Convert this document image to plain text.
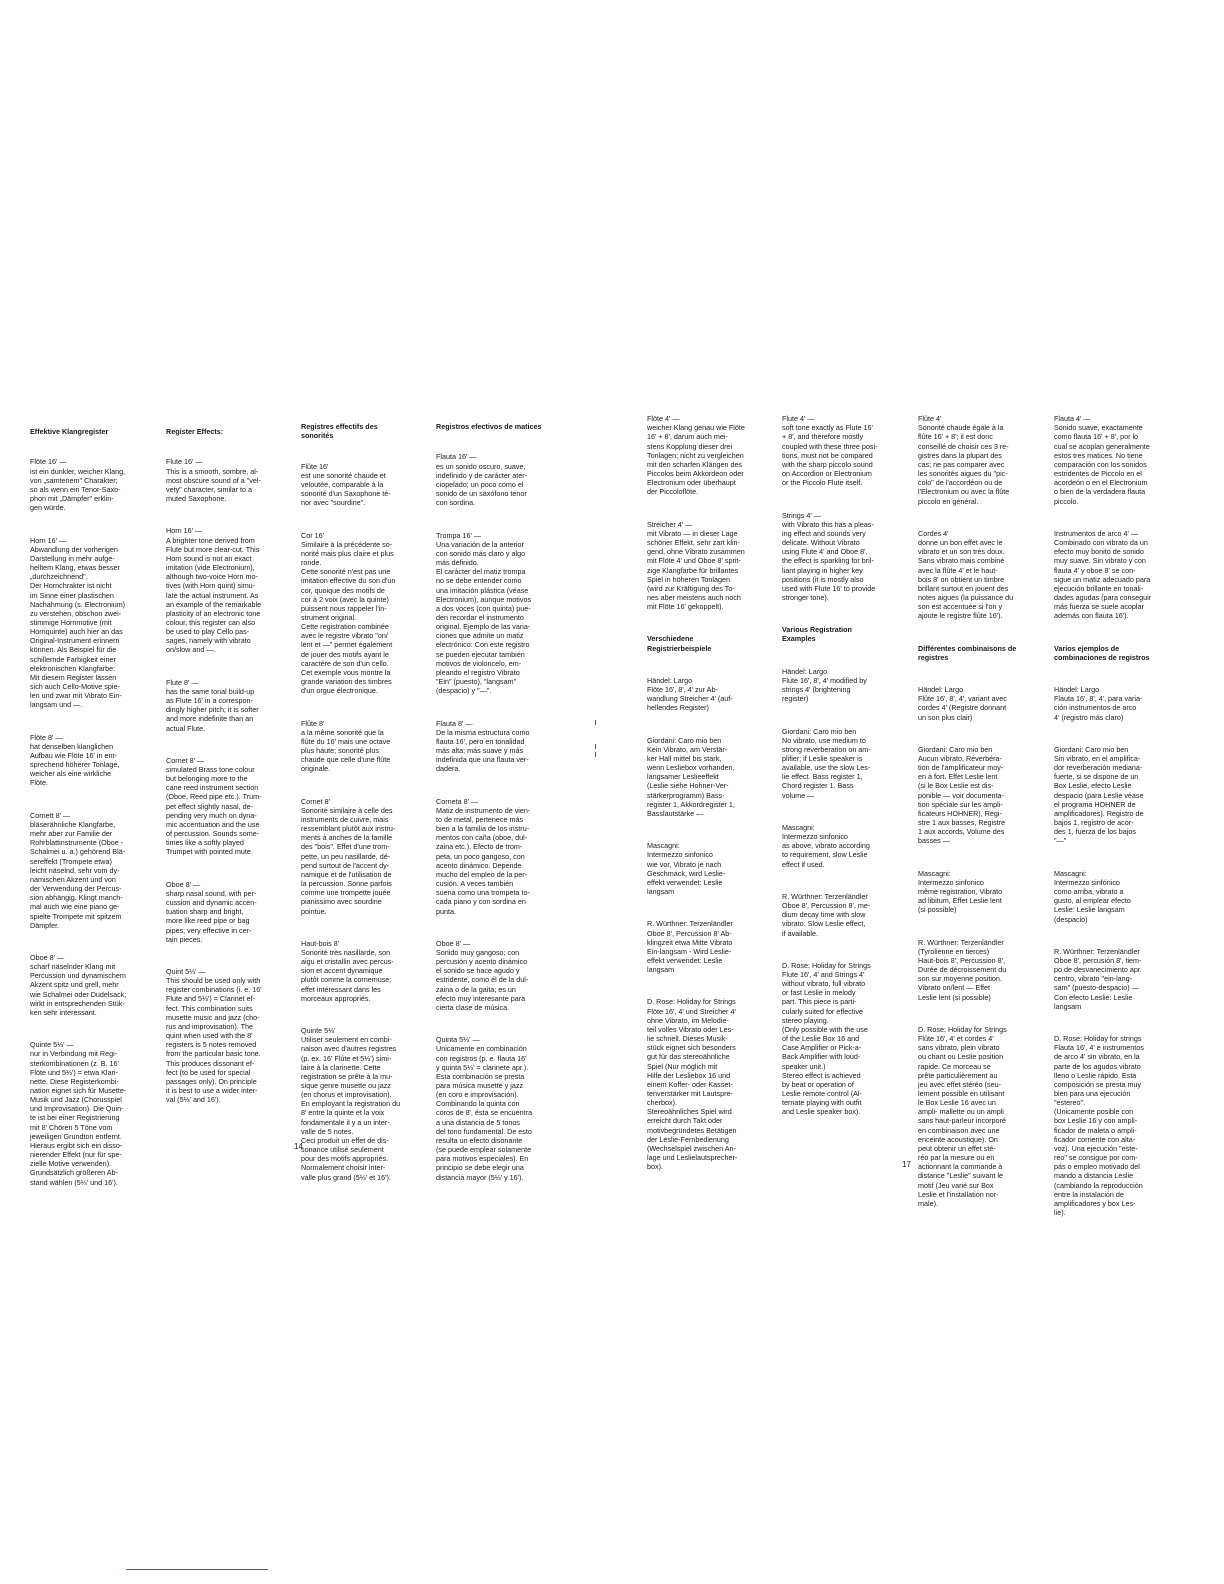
Effektive Klangregister

Flöte 16' —
ist ein dunkler, weicher Klang,
von „samtenem" Charakter;
so als wenn ein Tenor-Saxo-
phon mit „Dämpfer" erklin-
gen würde.

Horn 16' —
Abwandlung der vorherigen
Darstellung in mehr aufge-
helltem Klang, etwas besser
„durchzeichnend".
Der Hornchrakter ist nicht
im Sinne einer plastischen
Nachahmung (s. Electronium)
zu verstehen, obschon zwei-
stimmige Hornmotive (mit
Hornquinte) auch hier an das
Original-Instrument erinnern
können. Als Beispiel für die
schillernde Farbigkeit einer
elektronischen Klangfarbe:
Mit diesem Register lassen
sich auch Cello-Motive spie-
len und zwar mit Vibrato Ein-
langsam und —.

Flöte 8' —
hat denselben klanglichen
Aufbau wie Flöte 16' in ent-
sprechend höherer Tonlage,
weicher als eine wirkliche
Flöte.

Cornett 8' —
bläserähnliche Klangfarbe,
mehr aber zur Familie der
Rohrblattinstrumente (Oboe -
Schalmei u. a.) gehörend Blä-
sereffekt (Trompete etwa)
leicht näselnd, sehr vom dy-
namischen Akzent und von
der Verwendung der Percus-
sion abhängig. Klingt manch-
mal auch wie eine piano ge-
spielte Trompete mit spitzem
Dämpfer.

Oboe 8' —
scharf näselnder Klang mit
Percussion und dynamischem
Akzent spitz und grell, mehr
wie Schalmei oder Dudelsack;
wirkt in entsprechenden Stük-
ken sehr interessant.

Quinte 5⅓' —
nur in Verbindung mit Regi-
sterkombinationen (z. B. 16'
Flöte und 5⅓') = etwa Klari-
nette. Diese Registerkombi-
nation eignet sich für Musette-
Musik und Jazz (Chorusspiel
und Improvisation). Die Quin-
te ist bei einer Registrierung
mit 8' Chören 5 Töne vom
jeweiligen Grundton entfernt.
Hieraus ergibt sich ein disso-
nierender Effekt (nur für spe-
zielle Motive verwenden).
Grundsätzlich größeren Ab-
stand wählen (5⅓' und 16').

Register Effects:

Flute 16' —
This is a smooth, sombre, al-
most obscure sound of a "vel-
vety" character, similar to a
muted Saxophone.

Horn 16' —
A brighter tone derived from
Flute but more clear-cut. This
Horn sound is not an exact
imitation (vide Electronium),
although two-voice Horn mo-
tives (with Horn quint) simu-
late the actual instrument. As
an example of the remarkable
plasticity of an electronic tone
colour, this register can also
be used to play Cello pas-
sages, namely with vibrato
on/slow and —.

Flute 8' —
has the same tonal build-up
as Flute 16' in a correspon-
dingly higher pitch; it is softer
and more indefinite than an
actual Flute.

Cornet 8' —
simulated Brass tone colour
but belonging more to the
cane reed instrument section
(Oboe, Reed pipe etc.). Trum-
pet effect slightly nasal, de-
pending very much on dyna-
mic accentuation and the use
of percussion. Sounds some-
times like a softly played
Trumpet with pointed mute.

Oboe 8' —
sharp nasal sound, with per-
cussion and dynamic accen-
tuation sharp and bright,
more like reed pipe or bag
pipes; very effective in cer-
tain pieces.

Quint 5⅓' —
This should be used only with
register combinations (i. e. 16'
Flute and 5⅓') = Clarinet ef-
fect. This combination suits
musette music and jazz (cho-
rus and improvisation). The
quint when used with the 8'
registers is 5 notes removed
from the particular basic tone.
This produces dissonant ef-
fect (to be used for special
passages only). On principle
it is best to use a wider inter-
val (5⅓' and 16').

Registres effectifs des
sonorités

Flûte 16'
est une sonorité chaude et
veloutée, comparable à la
sonorité d'un Saxophone té-
nor avec "sourdine".

Cor 16'
Similaire à la précédente so-
norité mais plus claire et plus
ronde.
Cette sonorité n'est pas une
imitation effective du son d'un
cor, quoique des motifs de
cor à 2 voix (avec la quinte)
puissent nous rappeler l'in-
strument original.
Cette registration combinée
avec le registre vibrato "on/
lent et —" permet également
de jouer des motifs ayant le
caractère de son d'un cello.
Cet exemple vous montre la
grande variation des timbres
d'un orgue électronique.

Flûte 8'
a la même sonorité que la
flûte du 16' mais une octave
plus haute; sonorité plus
chaude que celle d'une flûte
originale.

Cornet 8'
Sonorité similaire à celle des
instruments de cuivre, mais
ressemblant plutôt aux instru-
ments à anches de la famille
des "bois". Effet d'une trom-
pette, un peu nasillarde, dé-
pend surtout de l'accent dy-
namique et de l'utilisation de
la percussion. Sonne parfois
comme une trompette jouée
pianissimo avec sourdine
pointue.

Haut-bois 8'
Sonorité très nasillarde, son
aigu et cristallin avec percus-
sion et accent dynamique
plutôt comme la cornemuse;
effet intéressant dans les
morceaux appropriés.

Quinte 5⅓'
Utiliser seulement en combi-
naison avec d'autres registres
(p. ex. 16' Flûte et 5⅓') simi-
laire à la clarinette. Cette
registration se prête à la mu-
sique genre musette ou jazz
(en chorus et improvisation).
En employant la registration du
8' entre la quinte et la voix
fondamentale il y a un inter-
valle de 5 notes.
Ceci produit un effet de dis-
sonance utilisé seulement
pour des motifs appropriés.
Normalement choisir inter-
valle plus grand (5⅓' et 16').

Registros efectivos de matices

Flauta 16' —
es un sonido oscuro, suave,
indefinido y de carácter ater-
ciopelado; un poco como el
sonido de un saxófono tenor
con sordina.

Trompa 16' —
Una variación de la anterior
con sonido más claro y algo
más definido.
El carácter del matiz trompa
no se debe entender como
una imitación plástica (véase
Electronium), aunque motivos
a dos voces (con quinta) pue-
den recordar el instrumento
original. Ejemplo de las varia-
ciones que admite un matiz
electrónico: Con este registro
se pueden ejecutar también
motivos de violoncelo, em-
pleando el registro Vibrato
"Ein" (puesto), "langsam"
(despacio) y "—".

Flauta 8' —
De la misma estructura como
flauta 16', pero en tonalidad
más alta; más suave y más
indefinida que una flauta ver-
dadera.

Corneta 8' —
Matiz de instrumento de vien-
to de metal, pertenece más
bien a la familia de los instru-
mentos con caña (oboe, dul-
zaina etc.). Efecto de trom-
peta, un poco gangoso, con
acento dinámico. Depende
mucho del empleo de la per-
cusión. A veces también
suena como una trompeta to-
cada piano y con sordina en
punta.

Oboe 8' —
Sonido muy gangoso; con
percusión y acento dinámico
el sonido se hace agudo y
estridente, como él de la dul-
zaina o de la gaita; es un
efecto muy interesante para
cierta clase de música.

Quinta 5⅓' —
Unicamente en combinación
con registros (p. e. flauta 16'
y quinta 5⅓' = clarinete apr.).
Esta combinación se presta
para música musette y jazz
(en coro e improvisación).
Combinando la quinta con
coros de 8', ésta se encuentra
a una distancia de 5 tonos
del tono fundamental. De esto
resulta un efecto disonante
(se puede emplear solamente
para motivos especiales). En
principio se debe elegir una
distancia mayor (5⅓' y 16').

14

Flöte 4' —
weicher Klang genau wie Flöte
16' + 8', darum auch mei-
stens Kopplung dieser drei
Tonlagen; nicht zu vergleichen
mit den scharfen Klängen des
Piccolos beim Akkordeon oder
Electronium oder überhaupt
der Piccoloflöte.

Streicher 4' —
mit Vibrato — in dieser Lage
schöner Effekt, sehr zart klin-
gend, ohne Vibrato zusammen
mit Flöte 4' und Oboe 8' sprit-
zige Klangfarbe für brillantes
Spiel in höheren Tonlagen
(wird zur Kräftigung des To-
nes aber meistens auch noch
mit Flöte 16' gekoppelt).

Verschiedene
Registrierbeispiele

Händel: Largo
Flöte 16', 8', 4' zur Ab-
wandlung Streicher 4' (auf-
hellendes Register)

Giordani: Caro mio ben
Kein Vibrato, am Verstär-
ker Hall mittel bis stark,
wenn Lesliebox vorhanden,
langsamer Leslieeffekt
(Leslie siehe Hohner-Ver-
stärkerprogramm) Bass-
register 1, Akkordregister 1,
Basslautstärke —

Mascagni:
Intermezzo sinfonico
wie vor, Vibrato je nach
Geschmack, wird Leslie-
effekt verwendet: Leslie
langsam

R. Würthner: Terzenländler
Oboe 8', Percussion 8' Ab-
klingzeit etwa Mitte Vibrato
Ein-langsam - Wird Leslie-
effekt verwendet: Leslie
langsam

D. Rose: Holiday for Strings
Flöte 16', 4' und Streicher 4'
ohne Vibrato, im Melodie-
teil volles Vibrato oder Les-
lie schnell. Dieses Musik-
stück eignet sich besonders
gut für das stereoähnliche
Spiel (Nur möglich mit
Hilfe der Lesliebox 16 und
einem Koffer- oder Kasset-
tenverstärker mit Lautspre-
cherbox).
Stereoähnliches Spiel wird
erreicht durch Takt oder
motivbegründetes Betätigen
der Leslie-Fernbedienung
(Wechselspiel zwischen An-
lage und Leslielautsprecher-
box).

Flute 4' —
soft tone exactly as Flute 16'
+ 8', and therefore mostly
coupled with these three posi-
tions, must not be compared
with the sharp piccolo sound
on Accordion or Electronium
or the Piccolo Flute itself.

Strings 4' —
with Vibrato this has a pleas-
ing effect and sounds very
delicate. Without Vibrato
using Flute 4' and Oboe 8',
the effect is sparkling for bril-
liant playing in higher key
positions (it is mostly also
used with Flute 16' to provide
stronger tone).

Various Registration
Examples

Händel: Largo
Flute 16', 8', 4' modified by
strings 4' (brightening
register)

Giordani: Caro mio ben
No vibrato, use medium to
strong reverberation on am-
plifier; if Leslie speaker is
available, use the slow Les-
lie effect. Bass register 1,
Chord register 1. Bass
volume —

Mascagni:
Intermezzo sinfonico
as above, vibrato according
to requirement, slow Leslie
effect if used.

R. Würthner: Terzenländler
Oboe 8', Percussion 8', me-
dium decay time with slow
vibrato. Slow Leslie effect,
if available.

D. Rose: Holiday for Strings
Flute 16', 4' and Strings 4'
without vibrato, full vibrato
or fast Leslie in melody
part. This piece is parti-
cularly suited for effective
stereo playing.
(Only possible with the use
of the Leslie Box 16 and
Case Amplifier or Pick-a-
Back Amplifier with loud-
speaker unit.)
Stereo effect is achieved
by beat or operation of
Leslie remote control (Al-
ternate playing with outfit
and Leslie speaker box).

Flûte 4'
Sonorité chaude égale à la
flûte 16' + 8'; il est donc
conseillé de choisir ces 3 re-
gistres dans la plupart des
cas; ne pas comparer avec
les sonorités aigues du "pic-
colo" de l'accordéon ou de
l'Electronium ou avec la flûte
piccolo en général.

Cordes 4'
donne un bon effet avec le
vibrato et un son très doux.
Sans vibrato mais combiné
avec la flûte 4' et le haut-
bois 8' on obtient un timbre
brillant surtout en jouent des
notes aigues (la puissance du
son est accentuée si l'on y
ajoute le registre flûte 16').

Différentes combinaisons de
registres

Händel: Largo
Flûte 16', 8', 4', variant avec
cordes 4' (Registre donnant
un son plus clair)

Giordani: Caro mio ben
Aucun vibrato, Réverbéra-
tion de l'amplificateur moy-
en à fort. Effet Leslie lent
(si le Box Leslie est dis-
ponible — voir documenta-
tion spéciale sur les ampli-
ficateurs HOHNER), Regi-
stre 1 aux basses, Registre
1 aux accords, Volume des
basses —

Mascagni:
Intermezzo sinfonico
même registration, Vibrato
ad libitum, Effet Leslie lent
(si possible)

R. Würthner: Terzenländler
(Tyrolienne en tierces)
Haut-bois 8', Percussion 8',
Durée de décroissement du
son sur moyenne position.
Vibrato on/lent — Effet
Leslie lent (si possible)

D. Rose: Holiday for Strings
Flûte 16', 4' et cordes 4'
sans vibrato, plein vibrato
ou chant ou Leslie position
rapide. Ce morceau se
prête particulièrement au
jeu avec effet stéréo (seu-
lement possible en utilisant
le Box Leslie 16 avec un
ampli- mallette ou un ampli
sans haut-parleur incorporé
en combinaison avec une
enceinte acoustique). On
peut obtenir un effet sté-
réo par la mesure ou en
actionnant la commande à
distance "Leslie" suivant le
motif (Jeu varié sur Box
Leslie et l'installation nor-
male).

Flauta 4' —
Sonido suave, exactamente
como flauta 16' + 8', por lo
cual se acoplan generalmente
estos tres matices. No tiene
comparación con los sonidos
estridentes de Piccolo en el
acordeón o en el Electronium
o bien de la verdadera flauta
piccolo.

Instrumentos de arco 4' —
Combinado con vibrato da un
efecto muy bonito de sonido
muy suave. Sin vibrato y con
flauta 4' y oboe 8' se con-
sigue un matiz adecuado para
ejecución brillante en tonali-
dades agudas (para conseguir
más fuerza se suele acoplar
además con flauta 16').

Varios ejemplos de
combinaciones de registros

Händel: Largo
Flauta 16', 8', 4', para varia-
ción instrumentos de arco
4' (registro más claro)

Giordani: Caro mio ben
Sin vibrato, en el amplifica-
dor reverberación mediana-
fuerte, si se dispone de un
Box Leslie, efecto Leslie
despacio (para Leslie véase
el programa HOHNER de
amplificadores). Registro de
bajos 1, registro de acor-
des 1, fuerza de los bajos
"—"

Mascagni:
Intermezzo sinfónico
como arriba, vibrato a
gusto, al emplear efecto
Leslie: Leslie langsam
(despacio)

R. Würthner: Terzenländler
Oboe 8', percusión 8', tiem-
po de desvanecimiento apr.
centro, vibrato "ein-lang-
sam" (puesto-despacio) —
Con efecto Leslie: Leslie
langsam

D. Rose: Holiday for strings
Flauta 16', 4' e instrumentos
de arco 4' sin vibrato, en la
parte de los agudos vibrato
lleno o Leslie rápido. Esta
composición se presta muy
bien para una ejecución
"estereo".
(Unicamente posible con
box Leslie 16 y con ampli-
ficador de maleta o ampli-
ficador corriente con alta-
voz). Una ejecución "este-
reo" se consigue por com-
pás o empleo motivado del
mando a distancia Leslie
(cambiando la reproducción
entre la instalación de
amplificadores y box Les-
lie).

17
